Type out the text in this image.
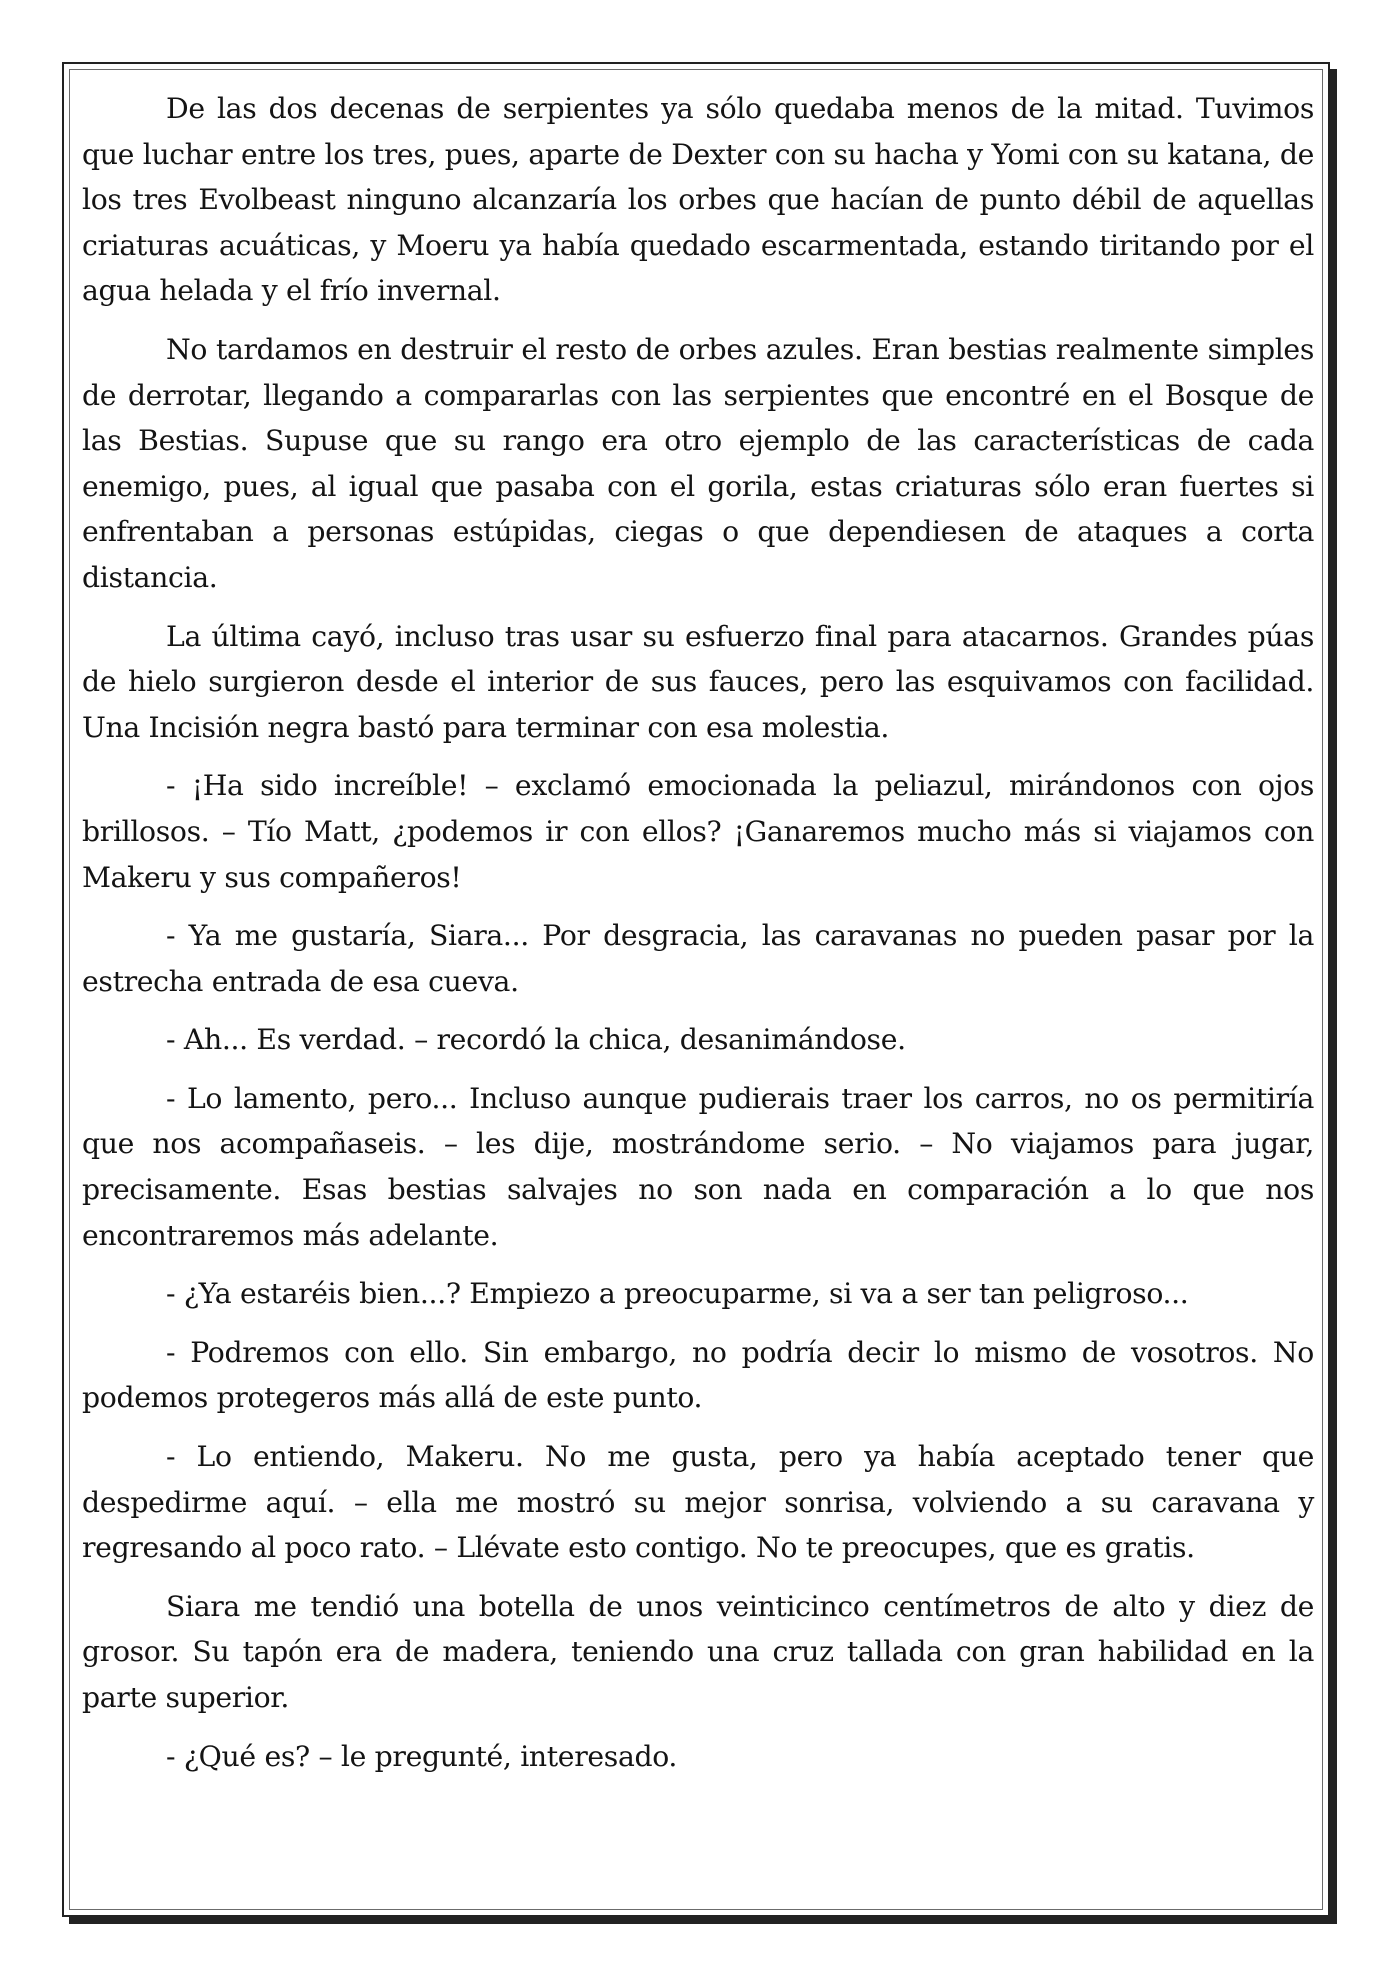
De las dos decenas de serpientes ya sólo quedaba menos de la mitad. Tuvimos que luchar entre los tres, pues, aparte de Dexter con su hacha y Yomi con su katana, de los tres Evolbeast ninguno alcanzaría los orbes que hacían de punto débil de aquellas criaturas acuáticas, y Moeru ya había quedado escarmentada, estando tiritando por el agua helada y el frío invernal.

No tardamos en destruir el resto de orbes azules. Eran bestias realmente simples de derrotar, llegando a compararlas con las serpientes que encontré en el Bosque de las Bestias. Supuse que su rango era otro ejemplo de las características de cada enemigo, pues, al igual que pasaba con el gorila, estas criaturas sólo eran fuertes si enfrentaban a personas estúpidas, ciegas o que dependiesen de ataques a corta distancia.

La última cayó, incluso tras usar su esfuerzo final para atacarnos. Grandes púas de hielo surgieron desde el interior de sus fauces, pero las esquivamos con facilidad. Una Incisión negra bastó para terminar con esa molestia.

- ¡Ha sido increíble! – exclamó emocionada la peliazul, mirándonos con ojos brillosos. – Tío Matt, ¿podemos ir con ellos? ¡Ganaremos mucho más si viajamos con Makeru y sus compañeros!

- Ya me gustaría, Siara... Por desgracia, las caravanas no pueden pasar por la estrecha entrada de esa cueva.

- Ah... Es verdad. – recordó la chica, desanimándose.

- Lo lamento, pero... Incluso aunque pudierais traer los carros, no os permitiría que nos acompañaseis. – les dije, mostrándome serio. – No viajamos para jugar, precisamente. Esas bestias salvajes no son nada en comparación a lo que nos encontraremos más adelante.

- ¿Ya estaréis bien...? Empiezo a preocuparme, si va a ser tan peligroso...

- Podremos con ello. Sin embargo, no podría decir lo mismo de vosotros. No podemos protegeros más allá de este punto.

- Lo entiendo, Makeru. No me gusta, pero ya había aceptado tener que despedirme aquí. – ella me mostró su mejor sonrisa, volviendo a su caravana y regresando al poco rato. – Llévate esto contigo. No te preocupes, que es gratis.

Siara me tendió una botella de unos veinticinco centímetros de alto y diez de grosor. Su tapón era de madera, teniendo una cruz tallada con gran habilidad en la parte superior.

- ¿Qué es? – le pregunté, interesado.
